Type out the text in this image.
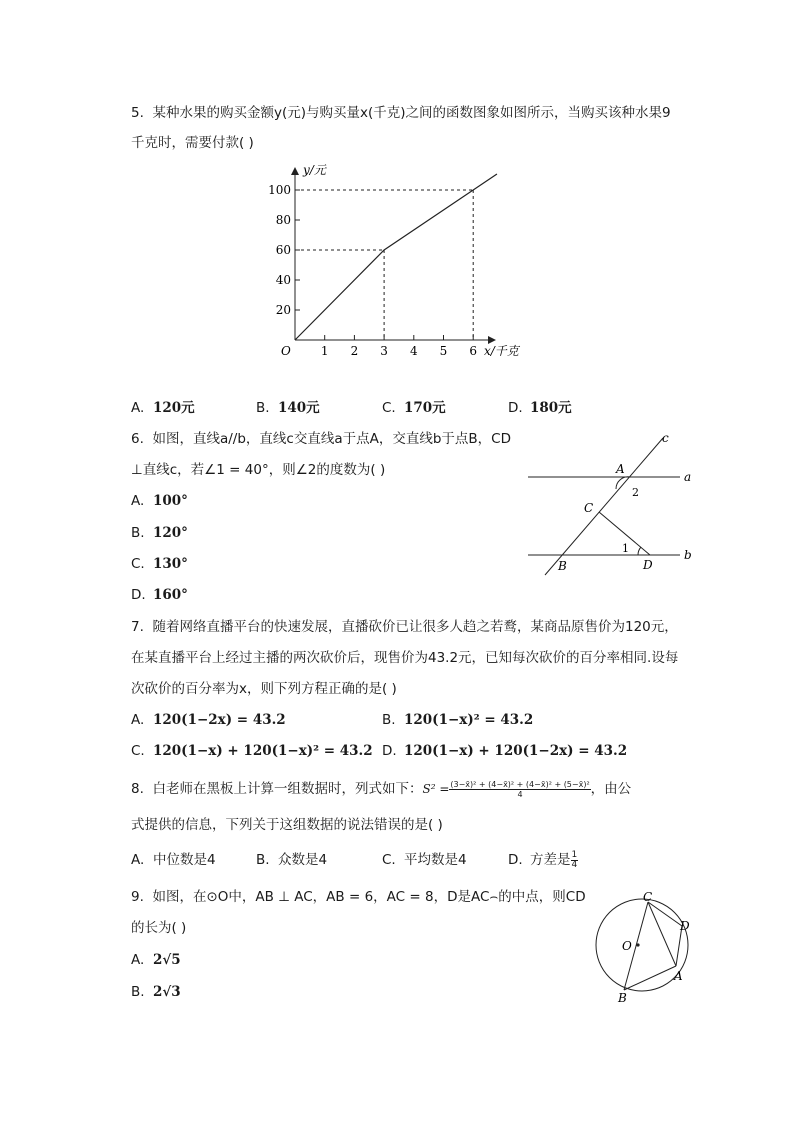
5. 某种水果的购买金额y(元)与购买量x(千克)之间的函数图象如图所示，当购买该种水果9
千克时，需要付款( )
1 2 3 4 5 6
20
40
60
80
100
O
y/元
x/千克
A. 120元	B. 140元	C. 170元	D. 180元
6. 如图，直线a//b，直线c交直线a于点A，交直线b于点B，CD
⊥直线c，若∠1 = 40°，则∠2的度数为( )
A. 100°
B. 120°
C. 130°
D. 160°
c
a
b
A
B
C
D
1
2
7. 随着网络直播平台的快速发展，直播砍价已让很多人趋之若鹜，某商品原售价为120元，
在某直播平台上经过主播的两次砍价后，现售价为43.2元，已知每次砍价的百分率相同.设每
次砍价的百分率为x，则下列方程正确的是( )
A. 120(1−2x) = 43.2	B. 120(1−x)² = 43.2
C. 120(1−x) + 120(1−x)² = 43.2 D. 120(1−x) + 120(1−2x) = 43.2
8. 白老师在黑板上计算一组数据时，列式如下：$S^2 = \frac{\text{(3−x̄)² + (4−x̄)² + (4−x̄)² + (5−x̄)²}}{4}$ ，由公
式提供的信息，下列关于这组数据的说法错误的是( )
A. 中位数是4	B. 众数是4	C. 平均数是4	D. 方差是 $\frac{1}{4}$
9. 如图，在⊙O中，AB ⊥ AC，AB = 6，AC = 8，D是AC⌢的中点，则CD
的长为( )
A. 2√5
B. 2√3
O
C
D
A
B
